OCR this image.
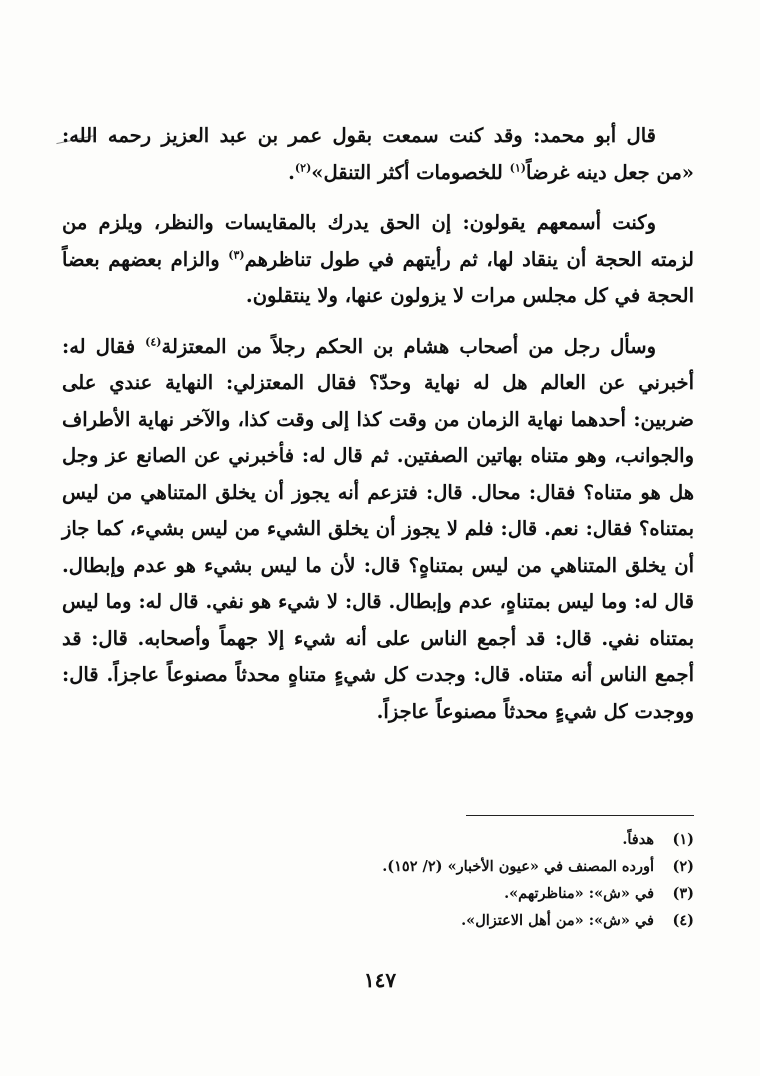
قال أبو محمد: وقد كنت سمعت بقول عمر بن عبد العزيز رحمه الله: «من جعل دينه غرضاً$^{(١)}$ للخصومات أكثر التنقل»$^{(٢)}$.

وكنت أسمعهم يقولون: إن الحق يدرك بالمقايسات والنظر، ويلزم من لزمته الحجة أن ينقاد لها، ثم رأيتهم في طول تناظرهم$^{(٣)}$ والزام بعضهم بعضاً الحجة في كل مجلس مرات لا يزولون عنها، ولا ينتقلون.

وسأل رجل من أصحاب هشام بن الحكم رجلاً من المعتزلة$^{(٤)}$ فقال له: أخبرني عن العالم هل له نهاية وحدّ؟ فقال المعتزلي: النهاية عندي على ضربين: أحدهما نهاية الزمان من وقت كذا إلى وقت كذا، والآخر نهاية الأطراف والجوانب، وهو متناه بهاتين الصفتين. ثم قال له: فأخبرني عن الصانع عز وجل هل هو متناه؟ فقال: محال. قال: فتزعم أنه يجوز أن يخلق المتناهي من ليس بمتناه؟ فقال: نعم. قال: فلم لا يجوز أن يخلق الشيء من ليس بشيء، كما جاز أن يخلق المتناهي من ليس بمتناهٍ؟ قال: لأن ما ليس بشيء هو عدم وإبطال. قال له: وما ليس بمتناهٍ، عدم وإبطال. قال: لا شيء هو نفي. قال له: وما ليس بمتناه نفي. قال: قد أجمع الناس على أنه شيء إلا جهماً وأصحابه. قال: قد أجمع الناس أنه متناه. قال: وجدت كل شيءٍ متناهٍ محدثاً مصنوعاً عاجزاً. قال: ووجدت كل شيءٍ محدثاً مصنوعاً عاجزاً.

(١)
هدفاً.
(٢)
أورده المصنف في «عيون الأخبار» (٢/ ١٥٢).
(٣)
في «ش»: «مناظرتهم».
(٤)
في «ش»: «من أهل الاعتزال».
١٤٧
